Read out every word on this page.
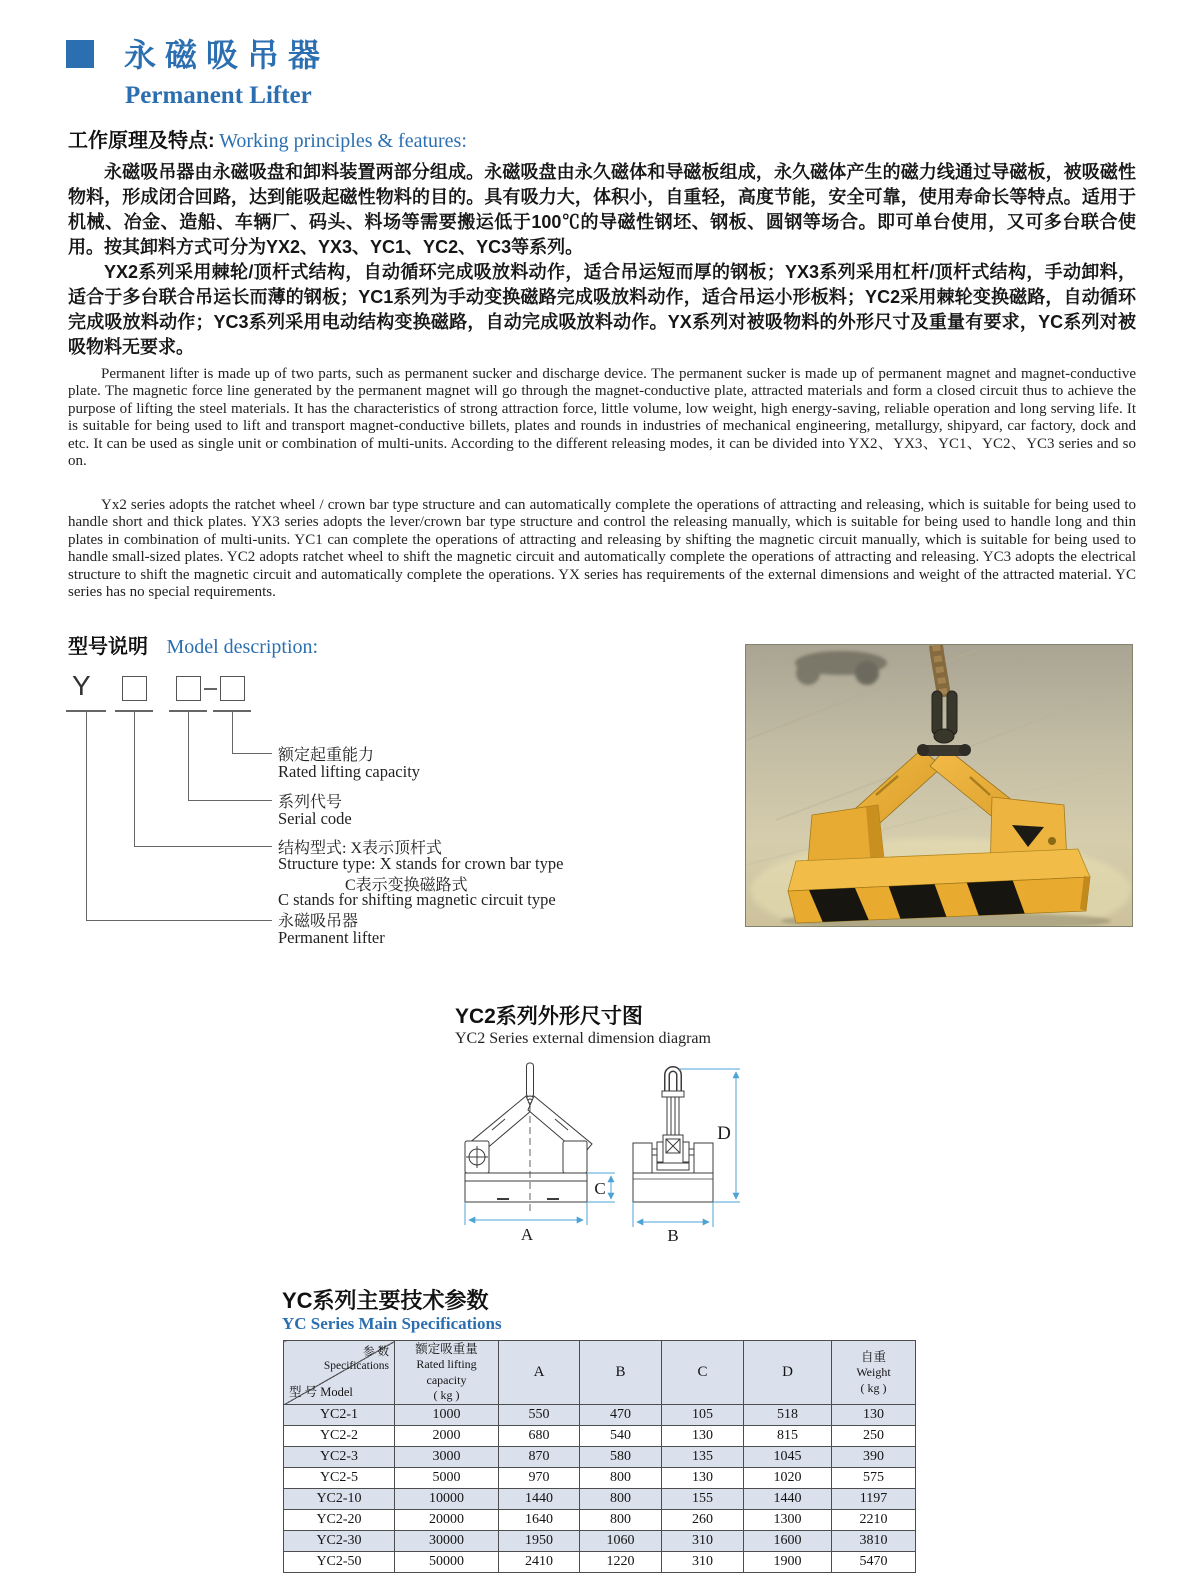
永磁吸吊器
Permanent Lifter
工作原理及特点: Working principles & features:

永磁吸吊器由永磁吸盘和卸料装置两部分组成。永磁吸盘由永久磁体和导磁板组成，永久磁体产生的磁力线通过导磁板，被吸磁性物料，形成闭合回路，达到能吸起磁性物料的目的。具有吸力大，体积小，自重轻，高度节能，安全可靠，使用寿命长等特点。适用于机械、冶金、造船、车辆厂、码头、料场等需要搬运低于100℃的导磁性钢坯、钢板、圆钢等场合。即可单台使用，又可多台联合使用。按其卸料方式可分为YX2、YX3、YC1、YC2、YC3等系列。

YX2系列采用棘轮/顶杆式结构，自动循环完成吸放料动作，适合吊运短而厚的钢板；YX3系列采用杠杆/顶杆式结构，手动卸料，适合于多台联合吊运长而薄的钢板；YC1系列为手动变换磁路完成吸放料动作，适合吊运小形板料；YC2采用棘轮变换磁路，自动循环完成吸放料动作；YC3系列采用电动结构变换磁路，自动完成吸放料动作。YX系列对被吸物料的外形尺寸及重量有要求，YC系列对被吸物料无要求。

Permanent lifter is made up of two parts, such as permanent sucker and discharge device. The permanent sucker is made up of permanent magnet and magnet-conductive plate. The magnetic force line generated by the permanent magnet will go through the magnet-conductive plate, attracted materials and form a closed circuit thus to achieve the purpose of lifting the steel materials. It has the characteristics of strong attraction force, little volume, low weight, high energy-saving, reliable operation and long serving life. It is suitable for being used to lift and transport magnet-conductive billets, plates and rounds in industries of mechanical engineering, metallurgy, shipyard, car factory, dock and etc. It can be used as single unit or combination of multi-units. According to the different releasing modes, it can be divided into YX2、YX3、YC1、YC2、YC3 series and so on.

Yx2 series adopts the ratchet wheel / crown bar type structure and can automatically complete the operations of attracting and releasing, which is suitable for being used to handle short and thick plates. YX3 series adopts the lever/crown bar type structure and control the releasing manually, which is suitable for being used to handle long and thin plates in combination of multi-units. YC1 can complete the operations of attracting and releasing by shifting the magnetic circuit manually, which is suitable for being used to handle small-sized plates. YC2 adopts ratchet wheel to shift the magnetic circuit and automatically complete the operations of attracting and releasing. YC3 adopts the electrical structure to shift the magnetic circuit and automatically complete the operations. YX series has requirements of the external dimensions and weight of the attracted material. YC series has no special requirements.

型号说明 Model description:
Y
额定起重能力
Rated lifting capacity
系列代号
Serial code
结构型式: X表示顶杆式
Structure type: X stands for crown bar type
C表示变换磁路式
C stands for shifting magnetic circuit type
永磁吸吊器
Permanent lifter
YC2系列外形尺寸图
YC2 Series external dimension diagram
A	B
C
D
YC系列主要技术参数
YC Series Main Specifications
参 数
Specifications
型 号 Model	额定吸重量
Rated lifting capacity
( kg )	A	B	C	D	自重
Weight
( kg )

YC2-1	1000	550	470	105	518	130
YC2-2	2000	680	540	130	815	250
YC2-3	3000	870	580	135	1045	390
YC2-5	5000	970	800	130	1020	575
YC2-10	10000	1440	800	155	1440	1197
YC2-20	20000	1640	800	260	1300	2210
YC2-30	30000	1950	1060	310	1600	3810
YC2-50	50000	2410	1220	310	1900	5470
